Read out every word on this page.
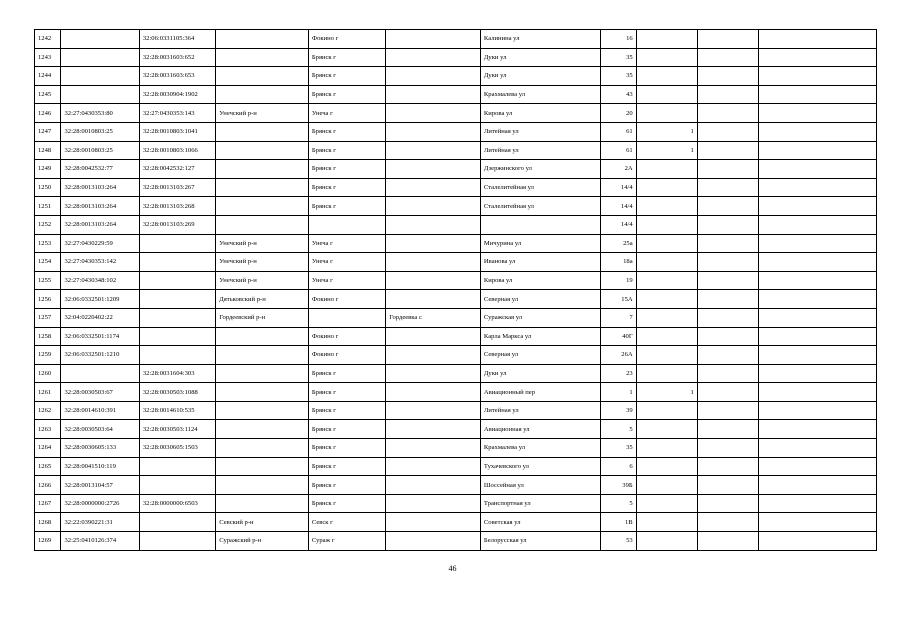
1242		32:06:0331105:364		Фокино г		Калинина ул	16			
1243		32:28:0031603:652		Брянск г		Дуки ул	35			
1244		32:28:0031603:653		Брянск г		Дуки ул	35			
1245		32:28:0030904:1902		Брянск г		Крахмалева ул	43			
1246	32:27:0430353:80	32:27:0430353:143	Унечский р-н	Унеча г		Кирова ул	20			
1247	32:28:0010803:25	32:28:0010803:1041		Брянск г		Литейная ул	61	1		
1248	32:28:0010803:25	32:28:0010803:1066		Брянск г		Литейная ул	61	1		
1249	32:28:0042532:77	32:28:0042532:127		Брянск г		Дзержинского ул	2А			
1250	32:28:0013103:264	32:28:0013103:267		Брянск г		Сталелитейная ул	14/4			
1251	32:28:0013103:264	32:28:0013103:268		Брянск г		Сталелитейная ул	14/4			
1252	32:28:0013103:264	32:28:0013103:269					14/4			
1253	32:27:0430229:59		Унечский р-н	Унеча г		Мичурина ул	25а			
1254	32:27:0430353:142		Унечский р-н	Унеча г		Иванова ул	18а			
1255	32:27:0430348:102		Унечский р-н	Унеча г		Кирова ул	19			
1256	32:06:0332501:1209		Дятьковский р-н	Фокино г		Северная ул	15А			
1257	32:04:0220402:22		Гордеевский р-н		Гордеевка с	Суражская ул	7			
1258	32:06:0332501:1174			Фокино г		Карла Маркса ул	40Г			
1259	32:06:0332501:1210			Фокино г		Северная ул	26А			
1260		32:28:0031604:303		Брянск г		Дуки ул	23			
1261	32:28:0030503:67	32:28:0030503:1088		Брянск г		Авиационный пер	1	1		
1262	32:28:0014610:391	32:28:0014610:535		Брянск г		Литейная ул	39			
1263	32:28:0030503:64	32:28:0030503:1124		Брянск г		Авиационная ул	5			
1264	32:28:0030605:133	32:28:0030605:1503		Брянск г		Крахмалева ул	35			
1265	32:28:0041510:119			Брянск г		Тухачевского ул	6			
1266	32:28:0013104:57			Брянск г		Шоссейная ул	39Б			
1267	32:28:0000000:2726	32:28:0000000:6503		Брянск г		Транспортная ул	5			
1268	32:22:0390221:31		Севский р-н	Севск г		Советская ул	1В			
1269	32:25:0410126:374		Суражский р-н	Сураж г		Белорусская ул	53			
46
